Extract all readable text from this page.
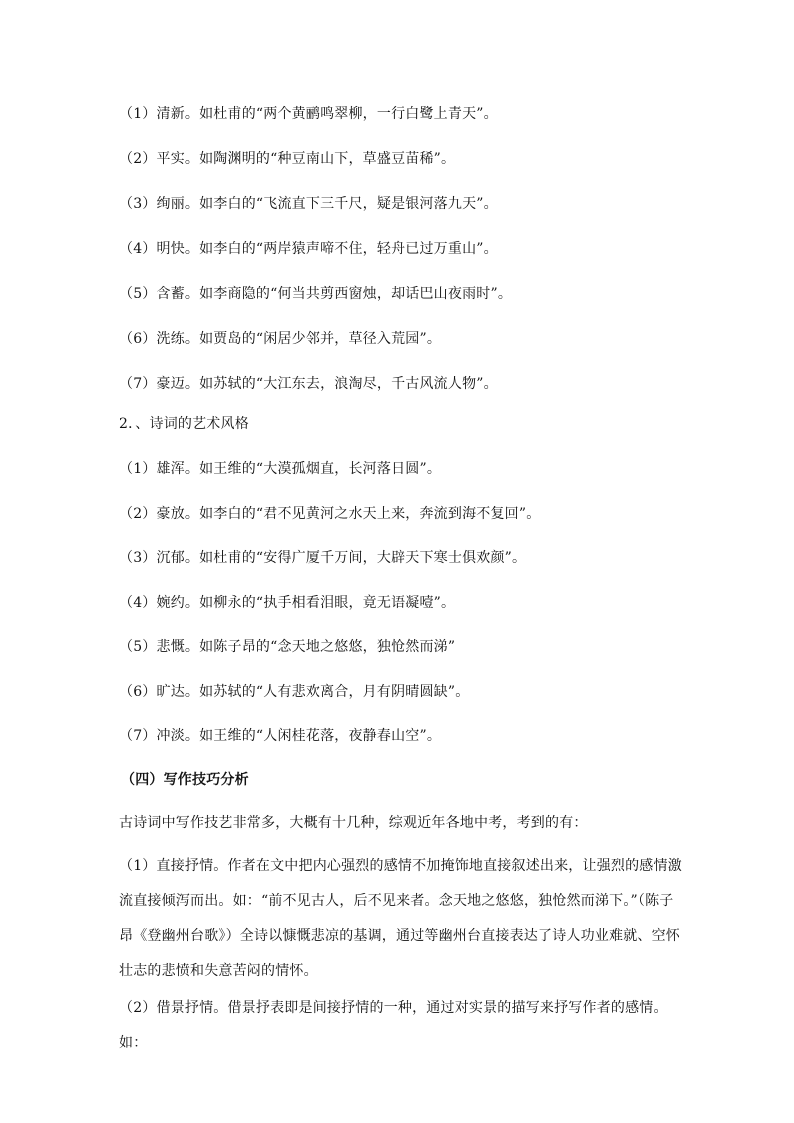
（1）清新。如杜甫的“两个黄鹂鸣翠柳，一行白鹭上青天”。
（2）平实。如陶渊明的“种豆南山下，草盛豆苗稀”。
（3）绚丽。如李白的“飞流直下三千尺，疑是银河落九天”。
（4）明快。如李白的“两岸猿声啼不住，轻舟已过万重山”。
（5）含蓄。如李商隐的“何当共剪西窗烛，却话巴山夜雨时”。
（6）洗练。如贾岛的“闲居少邻并，草径入荒园”。
（7）豪迈。如苏轼的“大江东去，浪淘尽，千古风流人物”。
2．、诗词的艺术风格
（1）雄浑。如王维的“大漠孤烟直，长河落日圆”。
（2）豪放。如李白的“君不见黄河之水天上来，奔流到海不复回”。
（3）沉郁。如杜甫的“安得广厦千万间，大辟天下寒士俱欢颜”。
（4）婉约。如柳永的“执手相看泪眼，竟无语凝噎”。
（5）悲慨。如陈子昂的“念天地之悠悠，独怆然而涕”
（6）旷达。如苏轼的“人有悲欢离合，月有阴晴圆缺”。
（7）冲淡。如王维的“人闲桂花落，夜静春山空”。
（四）写作技巧分析
古诗词中写作技艺非常多，大概有十几种，综观近年各地中考，考到的有：

（1）直接抒情。作者在文中把内心强烈的感情不加掩饰地直接叙述出来，让强烈的感情激流直接倾泻而出。如：“前不见古人，后不见来者。念天地之悠悠，独怆然而涕下。”（陈子昂《登幽州台歌》）全诗以慷慨悲凉的基调，通过等幽州台直接表达了诗人功业难就、空怀壮志的悲愤和失意苦闷的情怀。

（2）借景抒情。借景抒表即是间接抒情的一种，通过对实景的描写来抒写作者的感情。如：
